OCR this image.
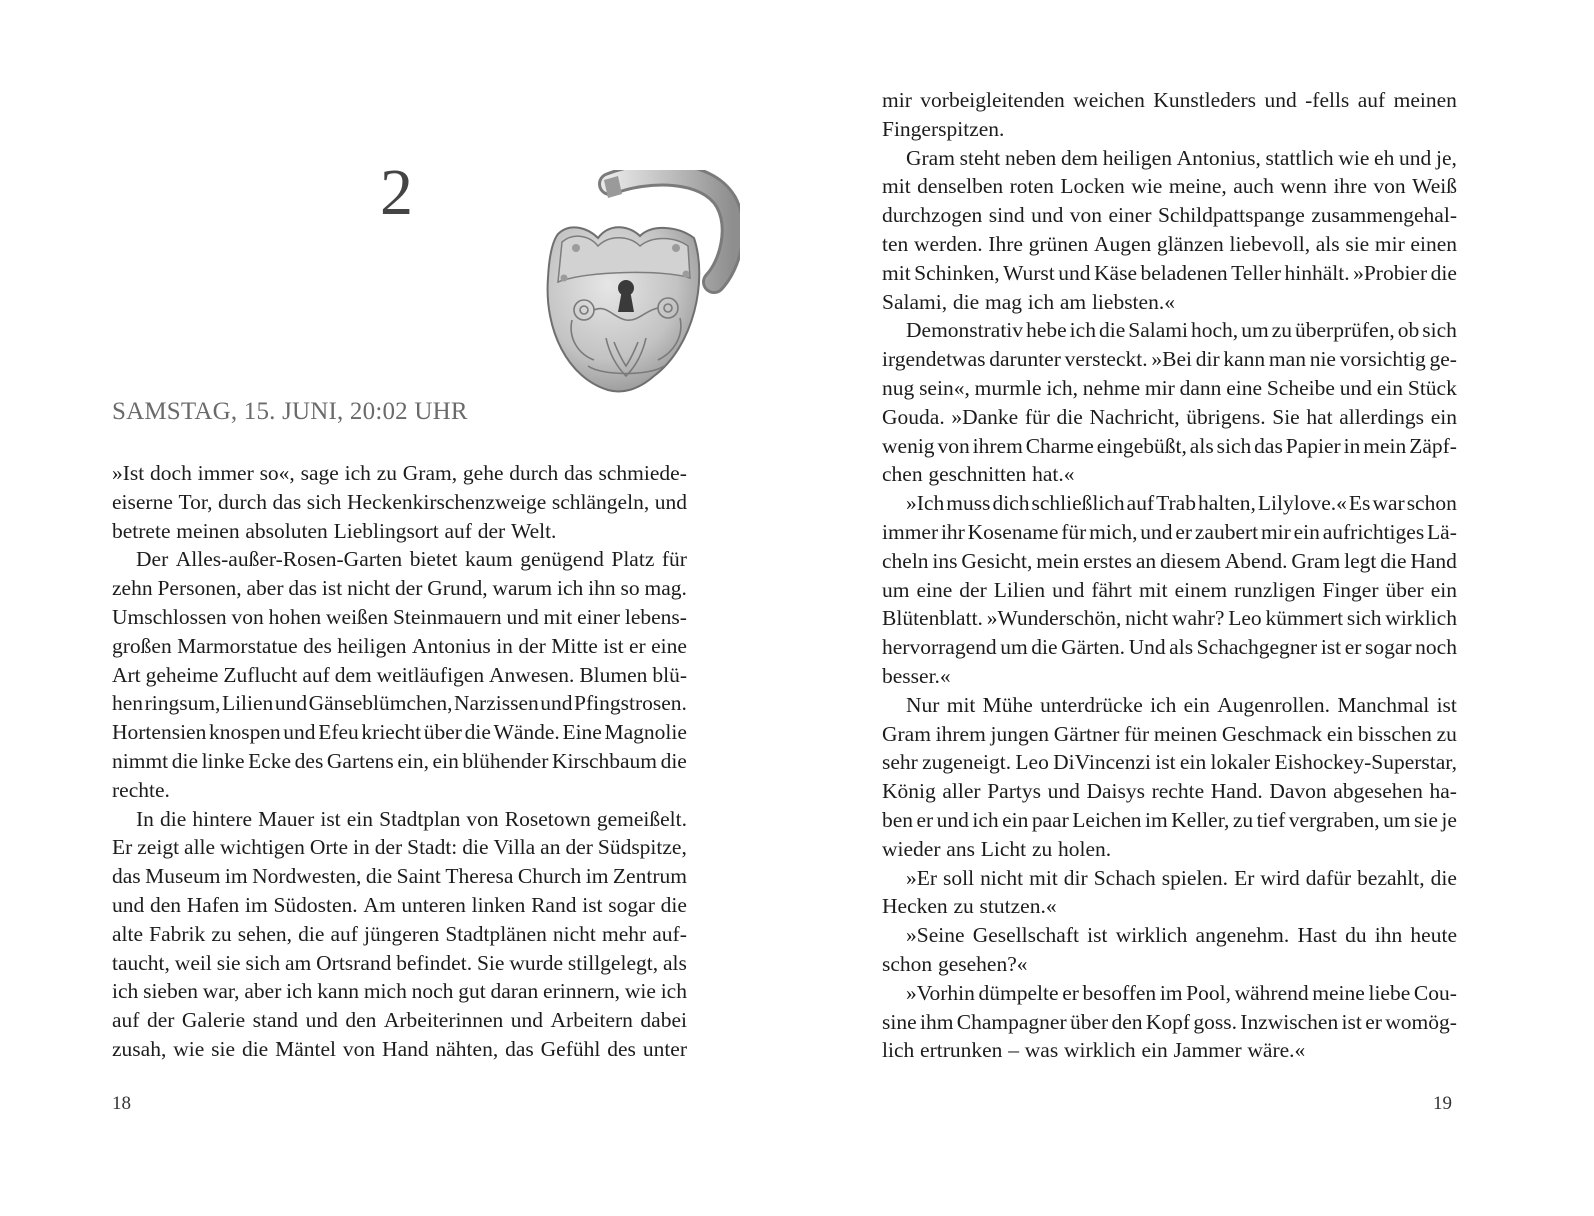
2
SAMSTAG, 15. JUNI, 20:02 UHR
»Ist doch immer so«, sage ich zu Gram, gehe durch das schmiede-
eiserne Tor, durch das sich Heckenkirschenzweige schlängeln, und
betrete meinen absoluten Lieblingsort auf der Welt.
Der Alles-außer-Rosen-Garten bietet kaum genügend Platz für
zehn Personen, aber das ist nicht der Grund, warum ich ihn so mag.
Umschlossen von hohen weißen Steinmauern und mit einer lebens-
großen Marmorstatue des heiligen Antonius in der Mitte ist er eine
Art geheime Zuflucht auf dem weitläufigen Anwesen. Blumen blü-
hen ringsum, Lilien und Gänseblümchen, Narzissen und Pfingstrosen.
Hortensien knospen und Efeu kriecht über die Wände. Eine Magnolie
nimmt die linke Ecke des Gartens ein, ein blühender Kirschbaum die
rechte.
In die hintere Mauer ist ein Stadtplan von Rosetown gemeißelt.
Er zeigt alle wichtigen Orte in der Stadt: die Villa an der Südspitze,
das Museum im Nordwesten, die Saint Theresa Church im Zentrum
und den Hafen im Südosten. Am unteren linken Rand ist sogar die
alte Fabrik zu sehen, die auf jüngeren Stadtplänen nicht mehr auf-
taucht, weil sie sich am Ortsrand befindet. Sie wurde stillgelegt, als
ich sieben war, aber ich kann mich noch gut daran erinnern, wie ich
auf der Galerie stand und den Arbeiterinnen und Arbeitern dabei
zusah, wie sie die Mäntel von Hand nähten, das Gefühl des unter
18
mir vorbeigleitenden weichen Kunstleders und -fells auf meinen
Fingerspitzen.
Gram steht neben dem heiligen Antonius, stattlich wie eh und je,
mit denselben roten Locken wie meine, auch wenn ihre von Weiß
durchzogen sind und von einer Schildpattspange zusammengehal-
ten werden. Ihre grünen Augen glänzen liebevoll, als sie mir einen
mit Schinken, Wurst und Käse beladenen Teller hinhält. »Probier die
Salami, die mag ich am liebsten.«
Demonstrativ hebe ich die Salami hoch, um zu überprüfen, ob sich
irgendetwas darunter versteckt. »Bei dir kann man nie vorsichtig ge-
nug sein«, murmle ich, nehme mir dann eine Scheibe und ein Stück
Gouda. »Danke für die Nachricht, übrigens. Sie hat allerdings ein
wenig von ihrem Charme eingebüßt, als sich das Papier in mein Zäpf-
chen geschnitten hat.«
»Ich muss dich schließlich auf Trab halten, Lilylove.« Es war schon
immer ihr Kosename für mich, und er zaubert mir ein aufrichtiges Lä-
cheln ins Gesicht, mein erstes an diesem Abend. Gram legt die Hand
um eine der Lilien und fährt mit einem runzligen Finger über ein
Blütenblatt. »Wunderschön, nicht wahr? Leo kümmert sich wirklich
hervorragend um die Gärten. Und als Schachgegner ist er sogar noch
besser.«
Nur mit Mühe unterdrücke ich ein Augenrollen. Manchmal ist
Gram ihrem jungen Gärtner für meinen Geschmack ein bisschen zu
sehr zugeneigt. Leo DiVincenzi ist ein lokaler Eishockey-Superstar,
König aller Partys und Daisys rechte Hand. Davon abgesehen ha-
ben er und ich ein paar Leichen im Keller, zu tief vergraben, um sie je
wieder ans Licht zu holen.
»Er soll nicht mit dir Schach spielen. Er wird dafür bezahlt, die
Hecken zu stutzen.«
»Seine Gesellschaft ist wirklich angenehm. Hast du ihn heute
schon gesehen?«
»Vorhin dümpelte er besoffen im Pool, während meine liebe Cou-
sine ihm Champagner über den Kopf goss. Inzwischen ist er womög-
lich ertrunken – was wirklich ein Jammer wäre.«
19
